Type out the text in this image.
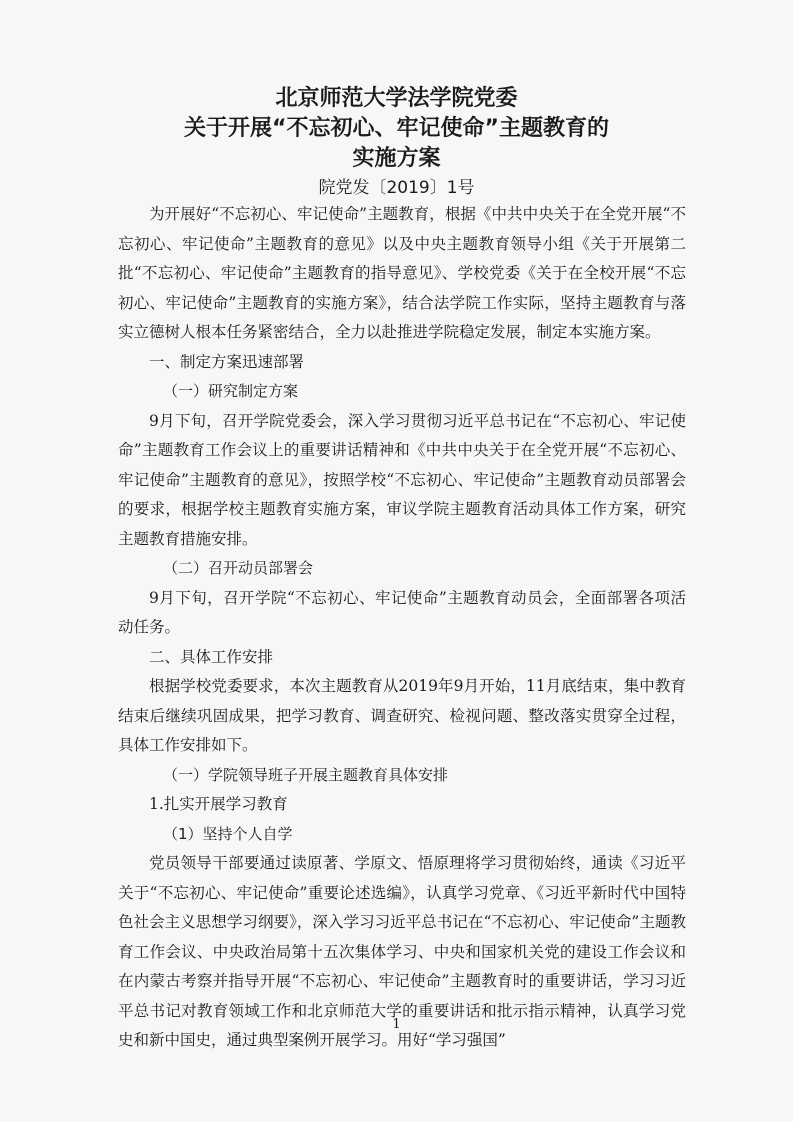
北京师范大学法学院党委
关于开展“不忘初心、牢记使命”主题教育的
实施方案
院党发〔2019〕1号

为开展好“不忘初心、牢记使命”主题教育，根据《中共中央关于在全党开展“不忘初心、牢记使命”主题教育的意见》以及中央主题教育领导小组《关于开展第二批“不忘初心、牢记使命”主题教育的指导意见》、学校党委《关于在全校开展“不忘初心、牢记使命”主题教育的实施方案》，结合法学院工作实际，坚持主题教育与落实立德树人根本任务紧密结合，全力以赴推进学院稳定发展，制定本实施方案。

一、制定方案迅速部署

（一）研究制定方案

9月下旬，召开学院党委会，深入学习贯彻习近平总书记在“不忘初心、牢记使命”主题教育工作会议上的重要讲话精神和《中共中央关于在全党开展“不忘初心、牢记使命”主题教育的意见》，按照学校“不忘初心、牢记使命”主题教育动员部署会的要求，根据学校主题教育实施方案，审议学院主题教育活动具体工作方案，研究主题教育措施安排。

（二）召开动员部署会

9月下旬，召开学院“不忘初心、牢记使命”主题教育动员会，全面部署各项活动任务。

二、具体工作安排

根据学校党委要求，本次主题教育从2019年9月开始，11月底结束，集中教育结束后继续巩固成果，把学习教育、调查研究、检视问题、整改落实贯穿全过程，具体工作安排如下。

（一）学院领导班子开展主题教育具体安排

1.扎实开展学习教育

（1）坚持个人自学

党员领导干部要通过读原著、学原文、悟原理将学习贯彻始终，通读《习近平关于“不忘初心、牢记使命”重要论述选编》，认真学习党章、《习近平新时代中国特色社会主义思想学习纲要》，深入学习习近平总书记在“不忘初心、牢记使命”主题教育工作会议、中央政治局第十五次集体学习、中央和国家机关党的建设工作会议和在内蒙古考察并指导开展“不忘初心、牢记使命”主题教育时的重要讲话，学习习近平总书记对教育领域工作和北京师范大学的重要讲话和批示指示精神，认真学习党史和新中国史，通过典型案例开展学习。用好“学习强国”

1
